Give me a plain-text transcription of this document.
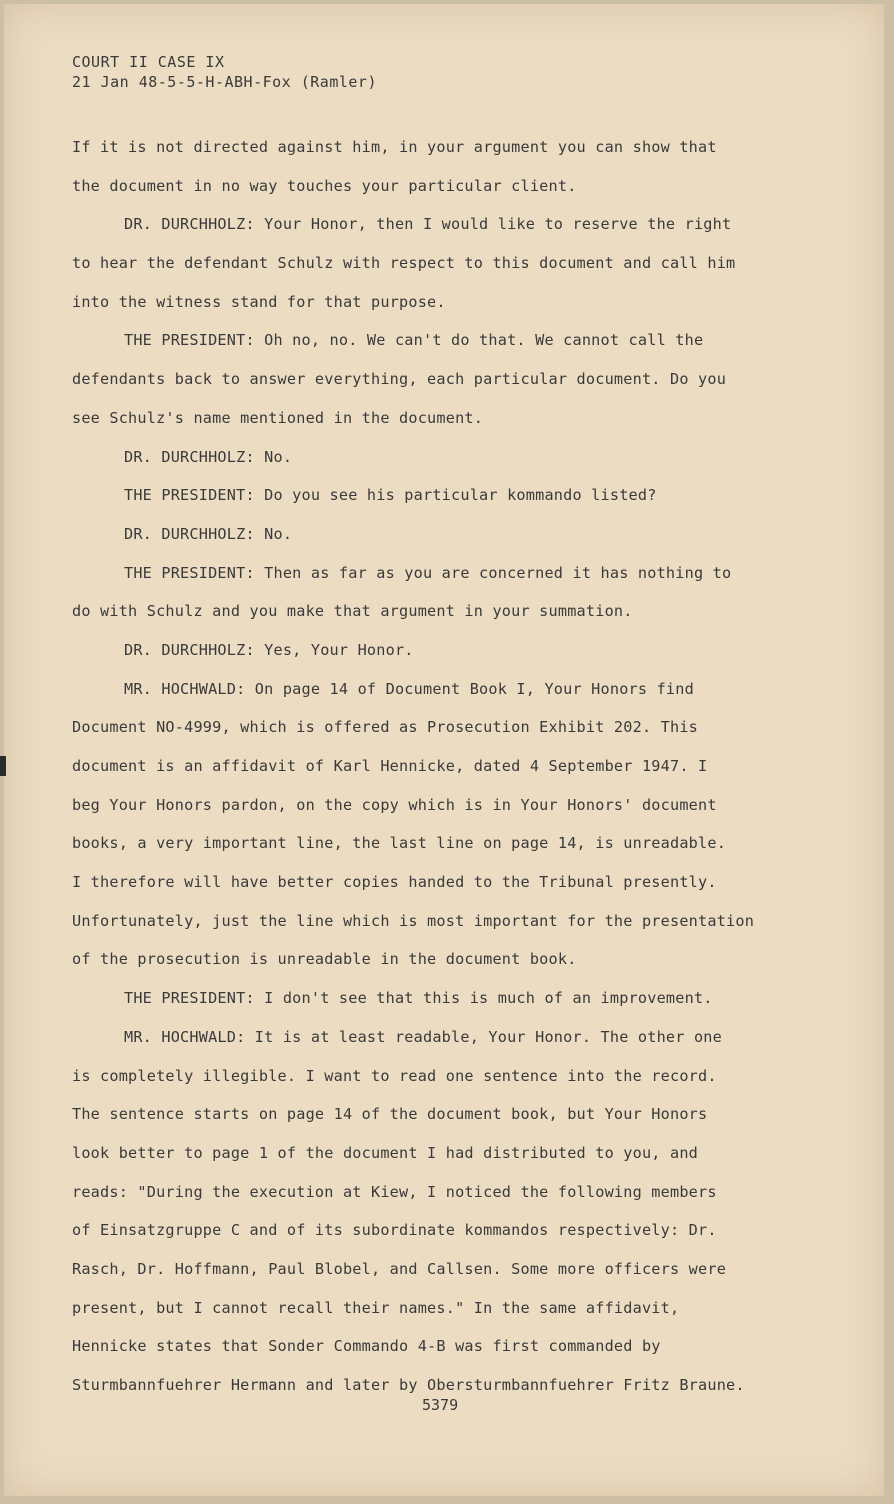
COURT II CASE IX
21 Jan 48-5-5-H-ABH-Fox (Ramler)
If it is not directed against him, in your argument you can show that
the document in no way touches your particular client.
DR. DURCHHOLZ: Your Honor, then I would like to reserve the right
to hear the defendant Schulz with respect to this document and call him
into the witness stand for that purpose.
THE PRESIDENT: Oh no, no. We can't do that. We cannot call the
defendants back to answer everything, each particular document. Do you
see Schulz's name mentioned in the document.
DR. DURCHHOLZ: No.
THE PRESIDENT: Do you see his particular kommando listed?
DR. DURCHHOLZ: No.
THE PRESIDENT: Then as far as you are concerned it has nothing to
do with Schulz and you make that argument in your summation.
DR. DURCHHOLZ: Yes, Your Honor.
MR. HOCHWALD: On page 14 of Document Book I, Your Honors find
Document NO-4999, which is offered as Prosecution Exhibit 202. This
document is an affidavit of Karl Hennicke, dated 4 September 1947. I
beg Your Honors pardon, on the copy which is in Your Honors' document
books, a very important line, the last line on page 14, is unreadable.
I therefore will have better copies handed to the Tribunal presently.
Unfortunately, just the line which is most important for the presentation
of the prosecution is unreadable in the document book.
THE PRESIDENT: I don't see that this is much of an improvement.
MR. HOCHWALD: It is at least readable, Your Honor. The other one
is completely illegible. I want to read one sentence into the record.
The sentence starts on page 14 of the document book, but Your Honors
look better to page 1 of the document I had distributed to you, and
reads: "During the execution at Kiew, I noticed the following members
of Einsatzgruppe C and of its subordinate kommandos respectively: Dr.
Rasch, Dr. Hoffmann, Paul Blobel, and Callsen. Some more officers were
present, but I cannot recall their names." In the same affidavit,
Hennicke states that Sonder Commando 4-B was first commanded by
Sturmbannfuehrer Hermann and later by Obersturmbannfuehrer Fritz Braune.
5379
